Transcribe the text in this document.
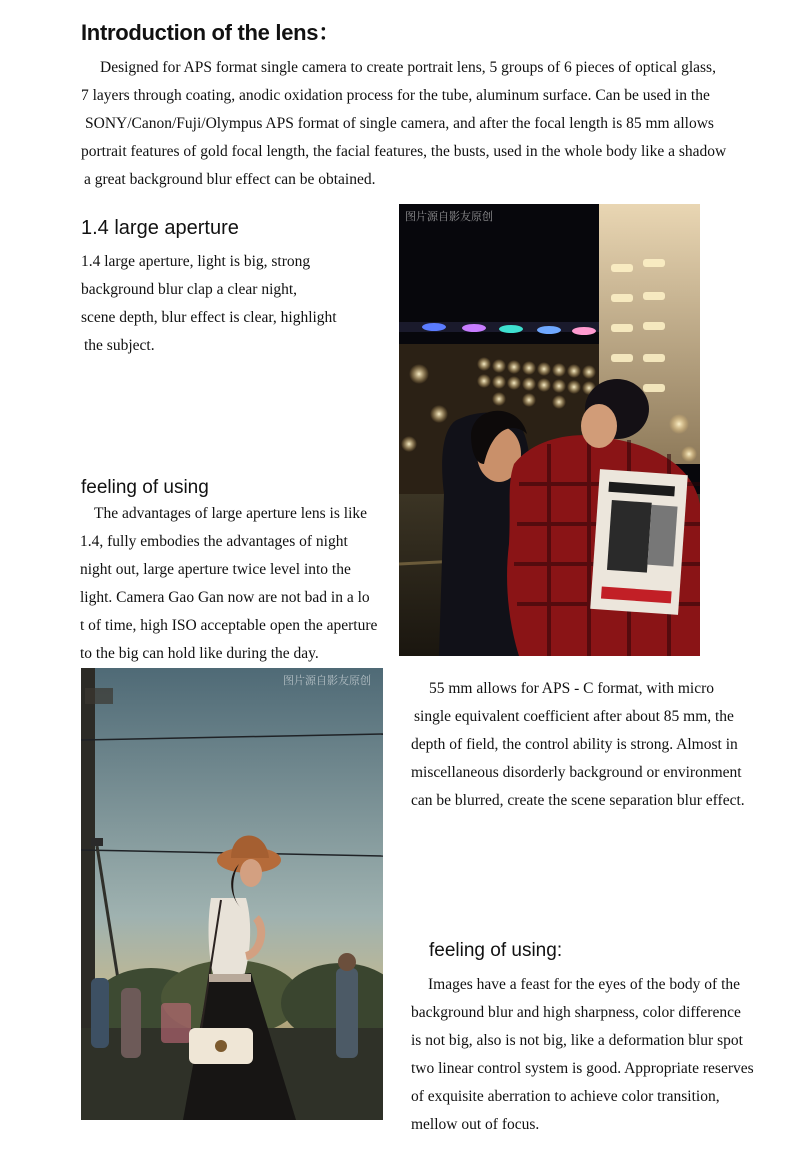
Introduction of the lens：
Designed for APS format single camera to create portrait lens, 5 groups of 6 pieces of optical glass,
7 layers through coating, anodic oxidation process for the tube, aluminum surface. Can be used in the
SONY/Canon/Fuji/Olympus APS format of single camera, and after the focal length is 85 mm allows
portrait features of gold focal length, the facial features, the busts, used in the whole body like a shadow
a great background blur effect can be obtained.
1.4 large aperture
1.4 large aperture, light is big, strong
background blur clap a clear night,
scene depth, blur effect is clear, highlight
the subject.
feeling of using
The advantages of large aperture lens is like
1.4, fully embodies the advantages of night
night out, large aperture twice level into the
light. Camera Gao Gan now are not bad in a lo
t of time, high ISO acceptable open the aperture
to the big can hold like during the day.
图片源自影友原创
图片源自影友原创	55 mm allows for APS - C format, with micro
single equivalent coefficient after about 85 mm, the
depth of field, the control ability is strong. Almost in
miscellaneous disorderly background or environment
can be blurred, create the scene separation blur effect.
feeling of using:
Images have a feast for the eyes of the body of the
background blur and high sharpness, color difference
is not big, also is not big, like a deformation blur spot
two linear control system is good. Appropriate reserves
of exquisite aberration to achieve color transition,
mellow out of focus.
